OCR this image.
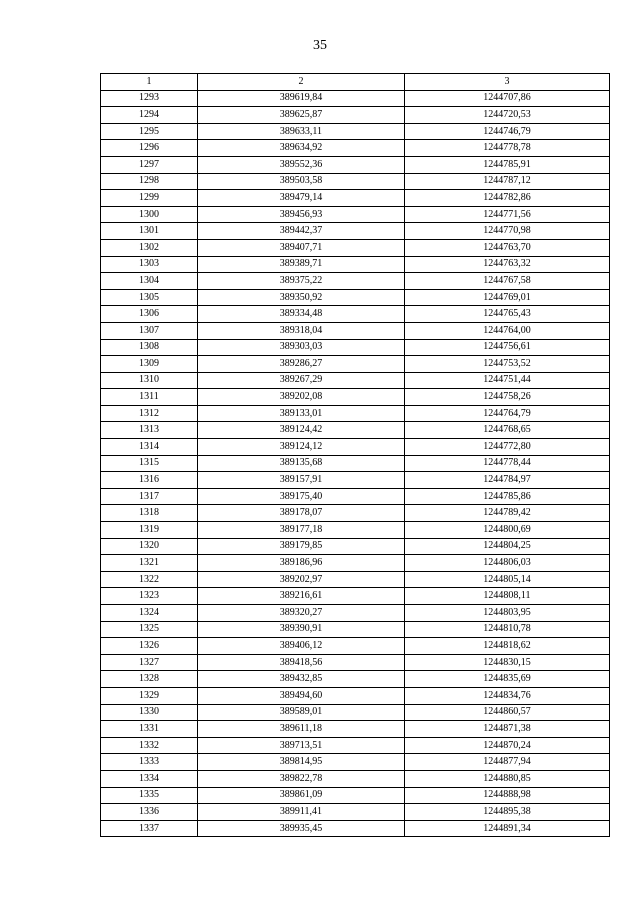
35
1	2	3
1293	389619,84	1244707,86
1294	389625,87	1244720,53
1295	389633,11	1244746,79
1296	389634,92	1244778,78
1297	389552,36	1244785,91
1298	389503,58	1244787,12
1299	389479,14	1244782,86
1300	389456,93	1244771,56
1301	389442,37	1244770,98
1302	389407,71	1244763,70
1303	389389,71	1244763,32
1304	389375,22	1244767,58
1305	389350,92	1244769,01
1306	389334,48	1244765,43
1307	389318,04	1244764,00
1308	389303,03	1244756,61
1309	389286,27	1244753,52
1310	389267,29	1244751,44
1311	389202,08	1244758,26
1312	389133,01	1244764,79
1313	389124,42	1244768,65
1314	389124,12	1244772,80
1315	389135,68	1244778,44
1316	389157,91	1244784,97
1317	389175,40	1244785,86
1318	389178,07	1244789,42
1319	389177,18	1244800,69
1320	389179,85	1244804,25
1321	389186,96	1244806,03
1322	389202,97	1244805,14
1323	389216,61	1244808,11
1324	389320,27	1244803,95
1325	389390,91	1244810,78
1326	389406,12	1244818,62
1327	389418,56	1244830,15
1328	389432,85	1244835,69
1329	389494,60	1244834,76
1330	389589,01	1244860,57
1331	389611,18	1244871,38
1332	389713,51	1244870,24
1333	389814,95	1244877,94
1334	389822,78	1244880,85
1335	389861,09	1244888,98
1336	389911,41	1244895,38
1337	389935,45	1244891,34
